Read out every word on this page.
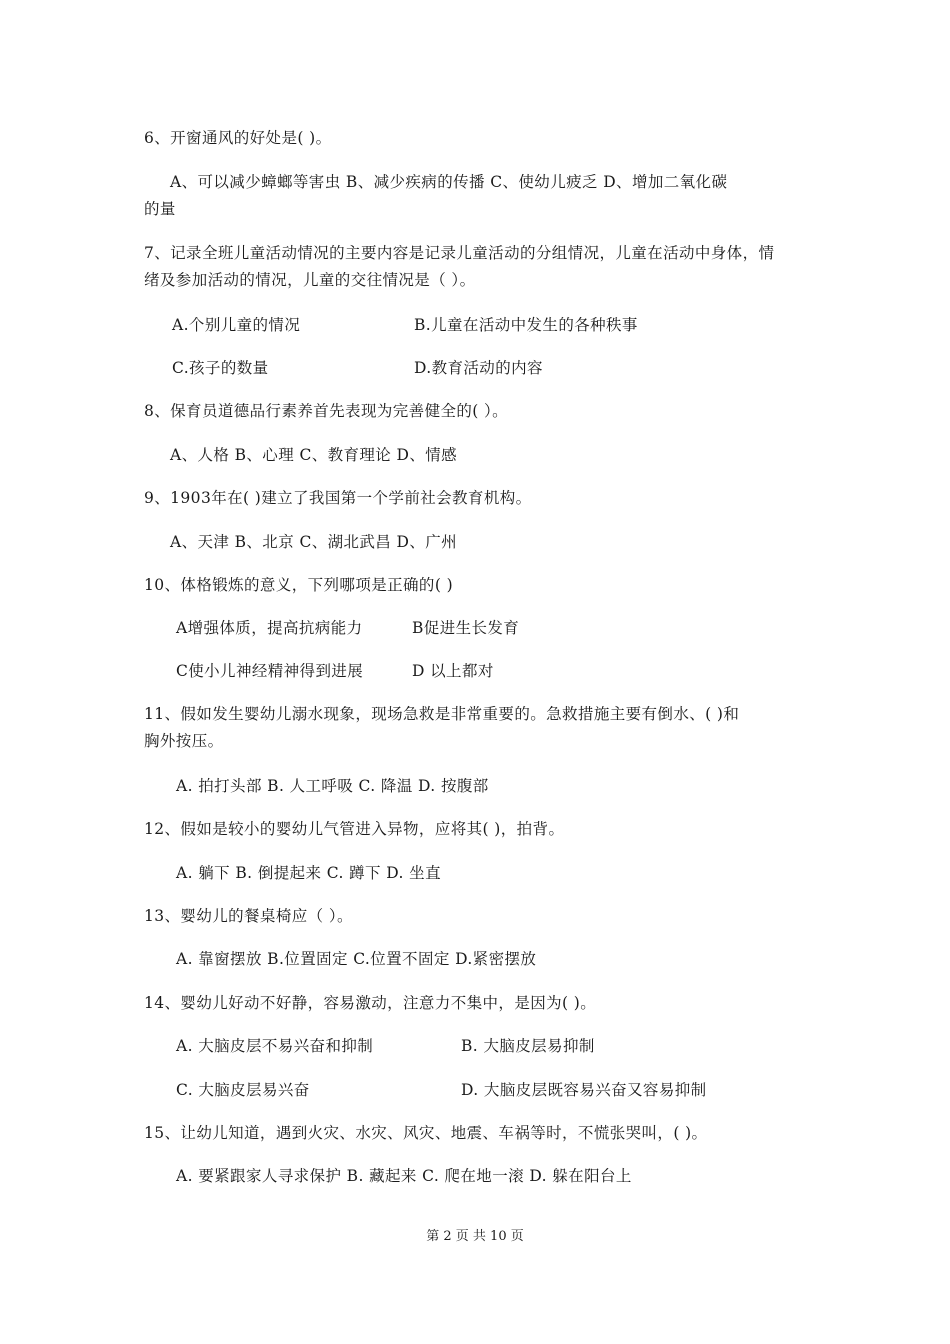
6、开窗通风的好处是( )。
A、可以减少蟑螂等害虫 B、减少疾病的传播 C、使幼儿疲乏 D、增加二氧化碳
的量
7、记录全班儿童活动情况的主要内容是记录儿童活动的分组情况，儿童在活动中身体，情
绪及参加活动的情况，儿童的交往情况是（ ）。
A.个别儿童的情况	B.儿童在活动中发生的各种秩事
C.孩子的数量	D.教育活动的内容
8、保育员道德品行素养首先表现为完善健全的( ）。
A、人格 B、心理 C、教育理论 D、情感
9、1903年在( )建立了我国第一个学前社会教育机构。
A、天津 B、北京 C、湖北武昌 D、广州
10、体格锻炼的意义，下列哪项是正确的( )
A增强体质，提高抗病能力	B促进生长发育
C使小儿神经精神得到进展	D 以上都对
11、假如发生婴幼儿溺水现象，现场急救是非常重要的。急救措施主要有倒水、( )和
胸外按压。
A. 拍打头部 B. 人工呼吸 C. 降温 D. 按腹部
12、假如是较小的婴幼儿气管进入异物，应将其( )，拍背。
A. 躺下 B. 倒提起来 C. 蹲下 D. 坐直
13、婴幼儿的餐桌椅应（ ）。
A. 靠窗摆放 B.位置固定 C.位置不固定 D.紧密摆放
14、婴幼儿好动不好静，容易激动，注意力不集中，是因为( )。
A. 大脑皮层不易兴奋和抑制	B. 大脑皮层易抑制
C. 大脑皮层易兴奋	D. 大脑皮层既容易兴奋又容易抑制
15、让幼儿知道，遇到火灾、水灾、风灾、地震、车祸等时，不慌张哭叫，( )。
A. 要紧跟家人寻求保护 B. 藏起来 C. 爬在地一滚 D. 躲在阳台上
第 2 页 共 10 页
